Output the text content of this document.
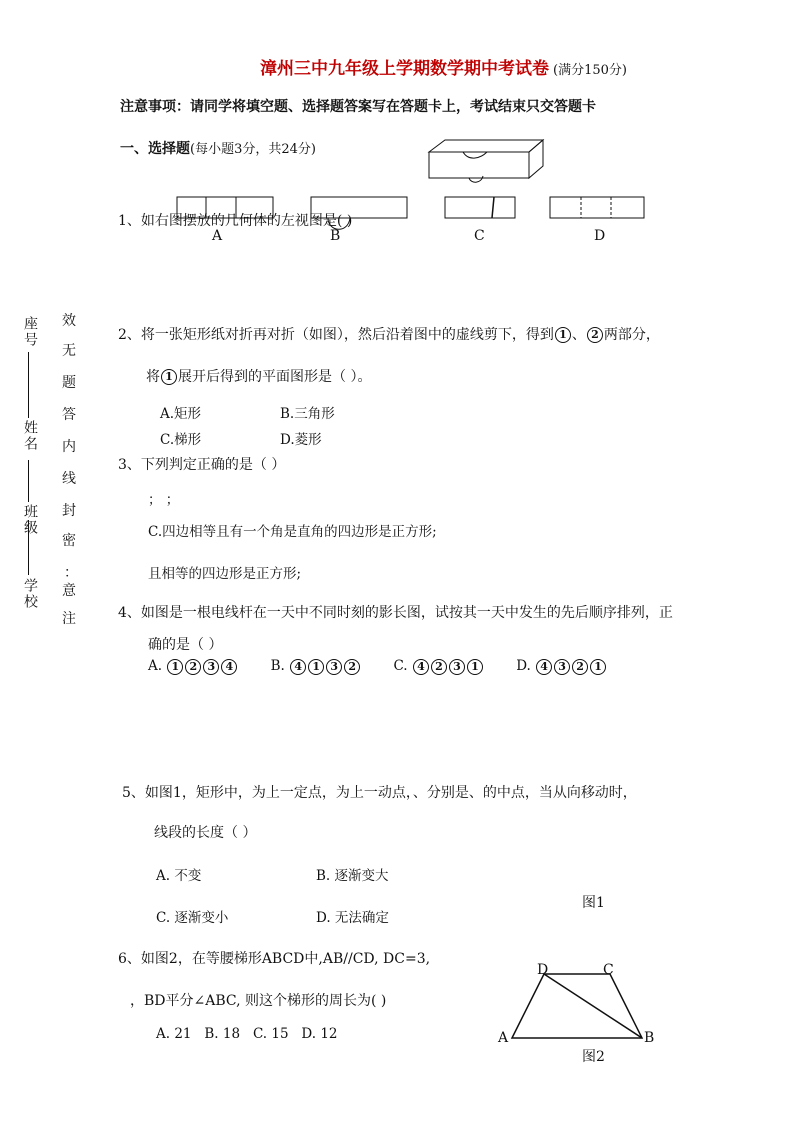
漳州三中九年级上学期数学期中考试卷 (满分150分)
注意事项：请同学将填空题、选择题答案写在答题卡上，考试结束只交答题卡
学校
班级
姓名
座号
注
意
：
密
封
线
内
答
题
无
效
一、选择题(每小题3分，共24分)
1、如右图摆放的几何体的左视图是( )
A	B	C	D
2、将一张矩形纸对折再对折（如图），然后沿着图中的虚线剪下，得到 1 、 2 两部分，
将 1 展开后得到的平面图形是（ ）。
A.矩形	B.三角形
C.梯形	D.菱形
3、下列判定正确的是（ ）
； ；
C.四边相等且有一个角是直角的四边形是正方形;
且相等的四边形是正方形;
4、如图是一根电线杆在一天中不同时刻的影长图，试按其一天中发生的先后顺序排列，正
确的是（ ）
A. 1 2 3 4	B. 4 1 3 2	C. 4 2 3 1	D. 4 3 2 1
5、如图1，矩形中，为上一定点，为上一动点，、分别是、的中点，当从向移动时，
线段的长度（ ）
A. 不变	B. 逐渐变大
C. 逐渐变小	D. 无法确定
图1
6、如图2，在等腰梯形ABCD中,AB//CD, DC=3,
，BD平分∠ABC, 则这个梯形的周长为( )
A. 21   B. 18   C. 15   D. 12
D	C
A	B
图2
